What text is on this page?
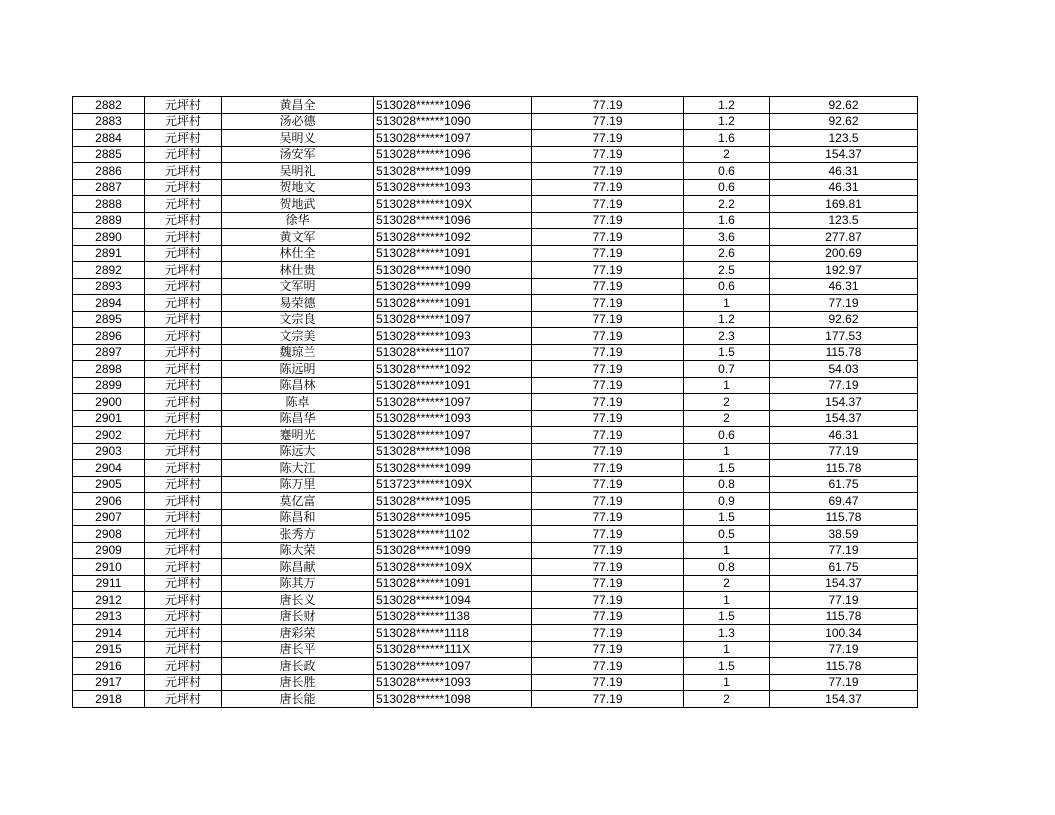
2882	元坪村	黄昌全	513028******1096	77.19	1.2	92.62
2883	元坪村	汤必德	513028******1090	77.19	1.2	92.62
2884	元坪村	吴明义	513028******1097	77.19	1.6	123.5
2885	元坪村	汤安军	513028******1096	77.19	2	154.37
2886	元坪村	吴明礼	513028******1099	77.19	0.6	46.31
2887	元坪村	贺地文	513028******1093	77.19	0.6	46.31
2888	元坪村	贺地武	513028******109X	77.19	2.2	169.81
2889	元坪村	徐华	513028******1096	77.19	1.6	123.5
2890	元坪村	黄文军	513028******1092	77.19	3.6	277.87
2891	元坪村	林仕全	513028******1091	77.19	2.6	200.69
2892	元坪村	林仕贵	513028******1090	77.19	2.5	192.97
2893	元坪村	文军明	513028******1099	77.19	0.6	46.31
2894	元坪村	易荣德	513028******1091	77.19	1	77.19
2895	元坪村	文宗良	513028******1097	77.19	1.2	92.62
2896	元坪村	文宗美	513028******1093	77.19	2.3	177.53
2897	元坪村	魏琼兰	513028******1107	77.19	1.5	115.78
2898	元坪村	陈远明	513028******1092	77.19	0.7	54.03
2899	元坪村	陈昌林	513028******1091	77.19	1	77.19
2900	元坪村	陈卓	513028******1097	77.19	2	154.37
2901	元坪村	陈昌华	513028******1093	77.19	2	154.37
2902	元坪村	蹇明光	513028******1097	77.19	0.6	46.31
2903	元坪村	陈远大	513028******1098	77.19	1	77.19
2904	元坪村	陈大江	513028******1099	77.19	1.5	115.78
2905	元坪村	陈万里	513723******109X	77.19	0.8	61.75
2906	元坪村	莫亿富	513028******1095	77.19	0.9	69.47
2907	元坪村	陈昌和	513028******1095	77.19	1.5	115.78
2908	元坪村	张秀方	513028******1102	77.19	0.5	38.59
2909	元坪村	陈大荣	513028******1099	77.19	1	77.19
2910	元坪村	陈昌献	513028******109X	77.19	0.8	61.75
2911	元坪村	陈其万	513028******1091	77.19	2	154.37
2912	元坪村	唐长义	513028******1094	77.19	1	77.19
2913	元坪村	唐长财	513028******1138	77.19	1.5	115.78
2914	元坪村	唐彩荣	513028******1118	77.19	1.3	100.34
2915	元坪村	唐长平	513028******111X	77.19	1	77.19
2916	元坪村	唐长政	513028******1097	77.19	1.5	115.78
2917	元坪村	唐长胜	513028******1093	77.19	1	77.19
2918	元坪村	唐长能	513028******1098	77.19	2	154.37
